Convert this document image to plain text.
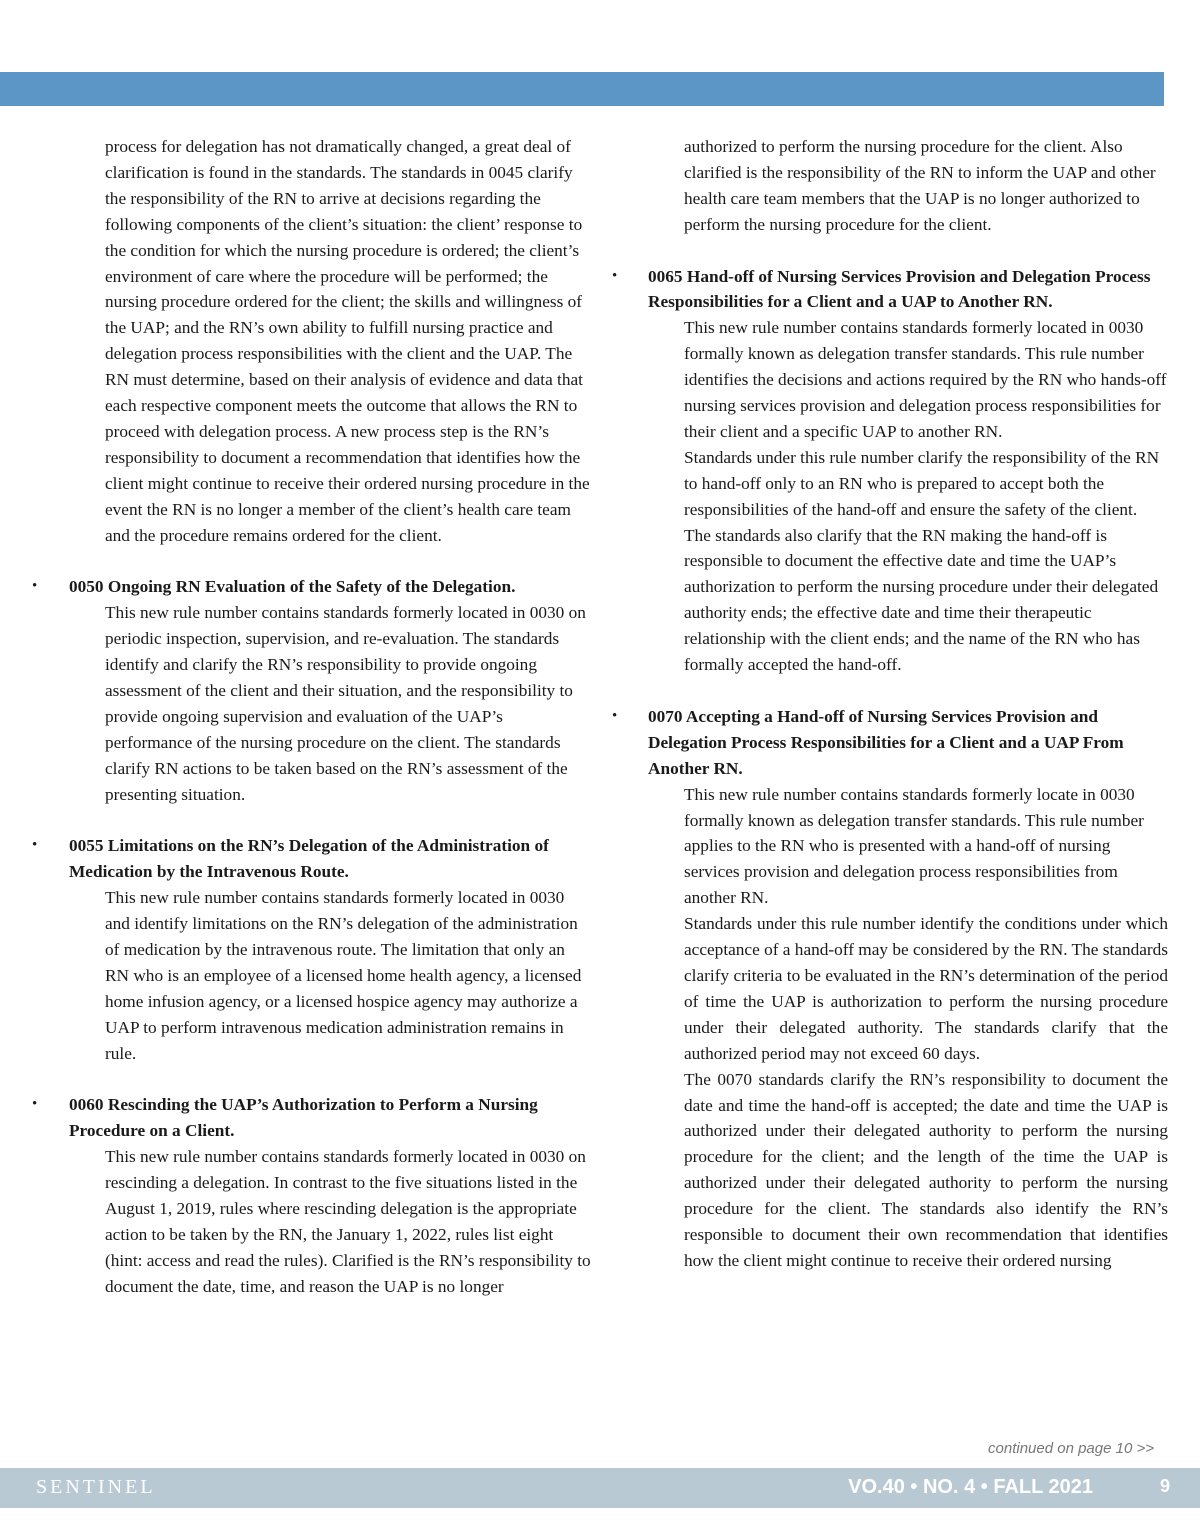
process for delegation has not dramatically changed, a great deal of clarification is found in the standards. The standards in 0045 clarify the responsibility of the RN to arrive at decisions regarding the following components of the client’s situation: the client’ response to the condition for which the nursing procedure is ordered; the client’s environment of care where the procedure will be performed; the nursing procedure ordered for the client; the skills and willingness of the UAP; and the RN’s own ability to fulfill nursing practice and delegation process responsibilities with the client and the UAP. The RN must determine, based on their analysis of evidence and data that each respective component meets the outcome that allows the RN to proceed with delegation process. A new process step is the RN’s responsibility to document a recommendation that identifies how the client might continue to receive their ordered nursing procedure in the event the RN is no longer a member of the client’s health care team and the procedure remains ordered for the client.
• 0050 Ongoing RN Evaluation of the Safety of the Delegation.

This new rule number contains standards formerly located in 0030 on periodic inspection, supervision, and re-evaluation. The standards identify and clarify the RN’s responsibility to provide ongoing assessment of the client and their situation, and the responsibility to provide ongoing supervision and evaluation of the UAP’s performance of the nursing procedure on the client. The standards clarify RN actions to be taken based on the RN’s assessment of the presenting situation.

• 0055 Limitations on the RN’s Delegation of the Administration of Medication by the Intravenous Route.

This new rule number contains standards formerly located in 0030 and identify limitations on the RN’s delegation of the administration of medication by the intravenous route. The limitation that only an RN who is an employee of a licensed home health agency, a licensed home infusion agency, or a licensed hospice agency may authorize a UAP to perform intravenous medication administration remains in rule.

• 0060 Rescinding the UAP’s Authorization to Perform a Nursing Procedure on a Client.

This new rule number contains standards formerly located in 0030 on rescinding a delegation. In contrast to the five situations listed in the August 1, 2019, rules where rescinding delegation is the appropriate action to be taken by the RN, the January 1, 2022, rules list eight (hint: access and read the rules). Clarified is the RN’s responsibility to document the date, time, and reason the UAP is no longer

authorized to perform the nursing procedure for the client. Also clarified is the responsibility of the RN to inform the UAP and other health care team members that the UAP is no longer authorized to perform the nursing procedure for the client.
• 0065 Hand-off of Nursing Services Provision and Delegation Process Responsibilities for a Client and a UAP to Another RN.

This new rule number contains standards formerly located in 0030 formally known as delegation transfer standards. This rule number identifies the decisions and actions required by the RN who hands-off nursing services provision and delegation process responsibilities for their client and a specific UAP to another RN.

Standards under this rule number clarify the responsibility of the RN to hand-off only to an RN who is prepared to accept both the responsibilities of the hand-off and ensure the safety of the client. The standards also clarify that the RN making the hand-off is responsible to document the effective date and time the UAP’s authorization to perform the nursing procedure under their delegated authority ends; the effective date and time their therapeutic relationship with the client ends; and the name of the RN who has formally accepted the hand-off.

• 0070 Accepting a Hand-off of Nursing Services Provision and Delegation Process Responsibilities for a Client and a UAP From Another RN.

This new rule number contains standards formerly locate in 0030 formally known as delegation transfer standards. This rule number applies to the RN who is presented with a hand-off of nursing services provision and delegation process responsibilities from another RN.

Standards under this rule number identify the conditions under which acceptance of a hand-off may be considered by the RN. The standards clarify criteria to be evaluated in the RN’s determination of the period of time the UAP is authorization to perform the nursing procedure under their delegated authority. The standards clarify that the authorized period may not exceed 60 days.

The 0070 standards clarify the RN’s responsibility to document the date and time the hand-off is accepted; the date and time the UAP is authorized under their delegated authority to perform the nursing procedure for the client; and the length of the time the UAP is authorized under their delegated authority to perform the nursing procedure for the client. The standards also identify the RN’s responsible to document their own recommendation that identifies how the client might continue to receive their ordered nursing

continued on page 10 >>
SENTINEL	VO.40 • NO. 4 • FALL 2021	9
